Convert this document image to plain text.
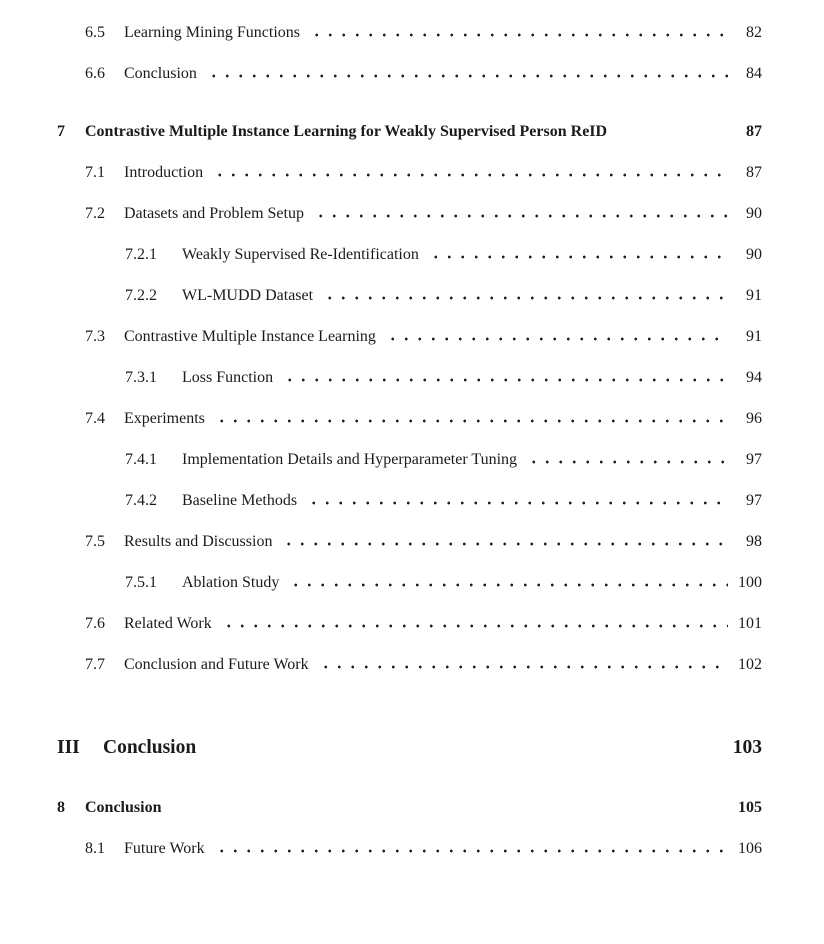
6.5	Learning Mining Functions	82
6.6	Conclusion	84
7	Contrastive Multiple Instance Learning for Weakly Supervised Person ReID	87
7.1	Introduction	87
7.2	Datasets and Problem Setup	90
7.2.1	Weakly Supervised Re-Identification	90
7.2.2	WL-MUDD Dataset	91
7.3	Contrastive Multiple Instance Learning	91
7.3.1	Loss Function	94
7.4	Experiments	96
7.4.1	Implementation Details and Hyperparameter Tuning	97
7.4.2	Baseline Methods	97
7.5	Results and Discussion	98
7.5.1	Ablation Study	100
7.6	Related Work	101
7.7	Conclusion and Future Work	102
III	Conclusion	103
8	Conclusion	105
8.1	Future Work	106
